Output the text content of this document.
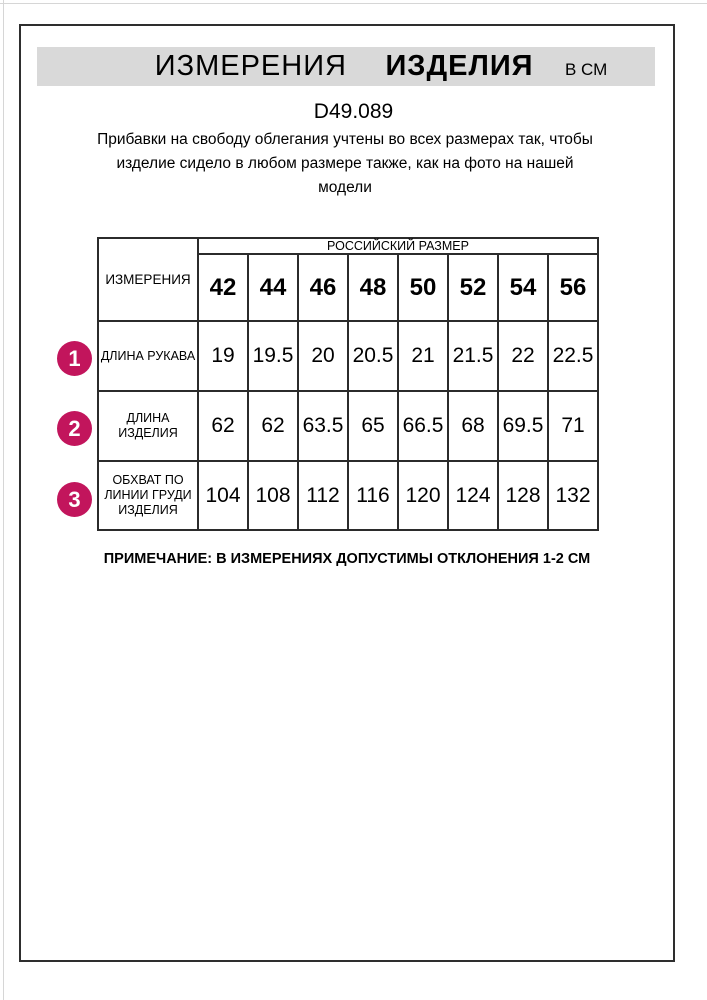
ИЗМЕРЕНИЯ ИЗДЕЛИЯ В СМ
D49.089
Прибавки на свободу облегания учтены во всех размерах так, чтобы
изделие сидело в любом размере также, как на фото на нашей
модели
ИЗМЕРЕНИЯ	РОССИЙСКИЙ РАЗМЕР							
	42	44	46	48	50	52	54	56

ДЛИНА РУКАВА	19	19.5	20	20.5	21	21.5	22	22.5

ДЛИНА
ИЗДЕЛИЯ	62	62	63.5	65	66.5	68	69.5	71

ОБХВАТ ПО
ЛИНИИ ГРУДИ
ИЗДЕЛИЯ	104	108	112	116	120	124	128	132
1
2
3
ПРИМЕЧАНИЕ: В ИЗМЕРЕНИЯХ ДОПУСТИМЫ ОТКЛОНЕНИЯ 1-2 СМ
